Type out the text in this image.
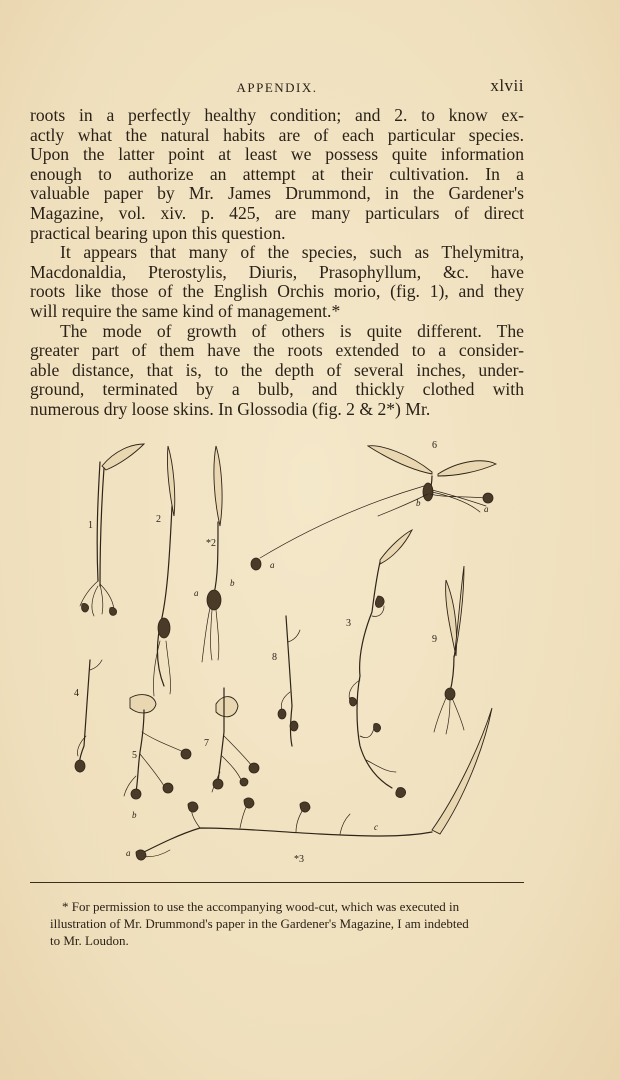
APPENDIX.	xlvii

roots in a perfectly healthy condition; and 2. to know ex-

actly what the natural habits are of each particular species.

Upon the latter point at least we possess quite information

enough to authorize an attempt at their cultivation. In a

valuable paper by Mr. James Drummond, in the Gardener's

Magazine, vol. xiv. p. 425, are many particulars of direct

practical bearing upon this question.

It appears that many of the species, such as Thelymitra,

Macdonaldia, Pterostylis, Diuris, Prasophyllum, &c. have

roots like those of the English Orchis morio, (fig. 1), and they

will require the same kind of management.*

The mode of growth of others is quite different. The

greater part of them have the roots extended to a consider-

able distance, that is, to the depth of several inches, under-

ground, terminated by a bulb, and thickly clothed with

numerous dry loose skins. In Glossodia (fig. 2 & 2*) Mr.

1
2
*2
a
b
6
a
b
a
3
9
4
5
7
8
*3
a
b
c
* For permission to use the accompanying wood-cut, which was executed in
illustration of Mr. Drummond's paper in the Gardener's Magazine, I am indebted
to Mr. Loudon.
